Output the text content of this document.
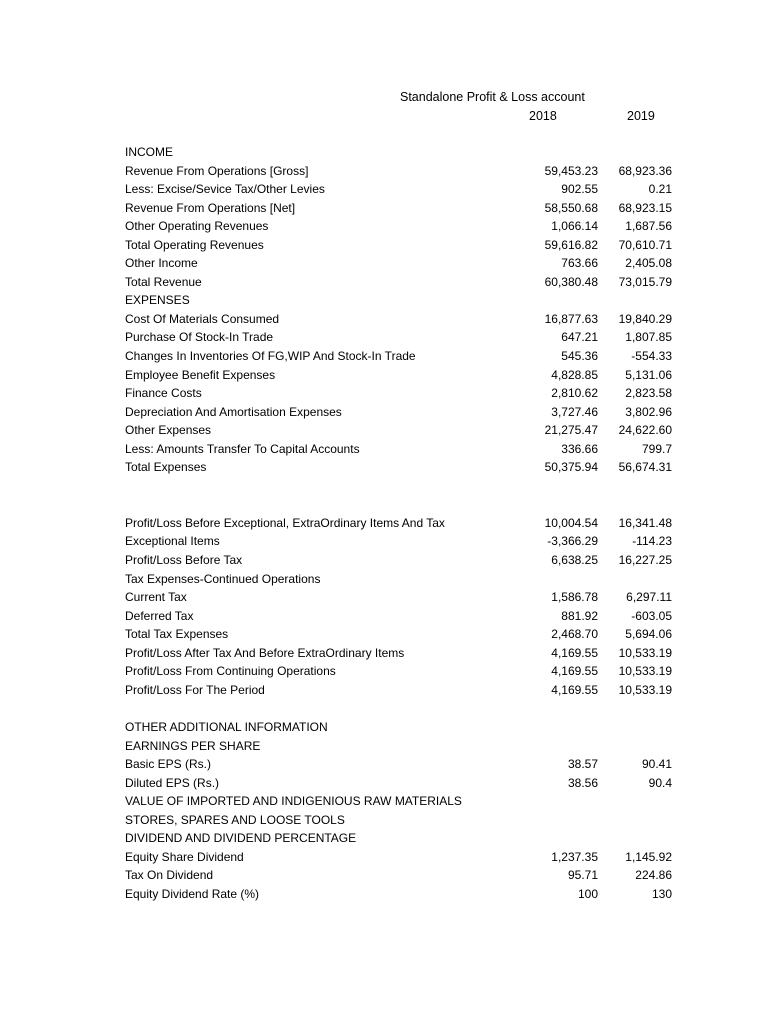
Standalone Profit & Loss account
2018	2019
INCOME
Revenue From Operations [Gross]	59,453.23 68,923.36
Less: Excise/Sevice Tax/Other Levies	902.55	0.21
Revenue From Operations [Net]	58,550.68 68,923.15
Other Operating Revenues	1,066.14 1,687.56
Total Operating Revenues	59,616.82 70,610.71
Other Income	763.66 2,405.08
Total Revenue	60,380.48 73,015.79
EXPENSES
Cost Of Materials Consumed	16,877.63 19,840.29
Purchase Of Stock-In Trade	647.21 1,807.85
Changes In Inventories Of FG,WIP And Stock-In Trade	545.36	-554.33
Employee Benefit Expenses	4,828.85 5,131.06
Finance Costs	2,810.62 2,823.58
Depreciation And Amortisation Expenses	3,727.46 3,802.96
Other Expenses	21,275.47 24,622.60
Less: Amounts Transfer To Capital Accounts	336.66	799.7
Total Expenses	50,375.94 56,674.31
Profit/Loss Before Exceptional, ExtraOrdinary Items And Tax	10,004.54 16,341.48
Exceptional Items	-3,366.29	-114.23
Profit/Loss Before Tax	6,638.25 16,227.25
Tax Expenses-Continued Operations
Current Tax	1,586.78 6,297.11
Deferred Tax	881.92	-603.05
Total Tax Expenses	2,468.70 5,694.06
Profit/Loss After Tax And Before ExtraOrdinary Items	4,169.55 10,533.19
Profit/Loss From Continuing Operations	4,169.55 10,533.19
Profit/Loss For The Period	4,169.55 10,533.19
OTHER ADDITIONAL INFORMATION
EARNINGS PER SHARE
Basic EPS (Rs.)	38.57	90.41
Diluted EPS (Rs.)	38.56	90.4
VALUE OF IMPORTED AND INDIGENIOUS RAW MATERIALS
STORES, SPARES AND LOOSE TOOLS
DIVIDEND AND DIVIDEND PERCENTAGE
Equity Share Dividend	1,237.35 1,145.92
Tax On Dividend	95.71	224.86
Equity Dividend Rate (%)	100	130
